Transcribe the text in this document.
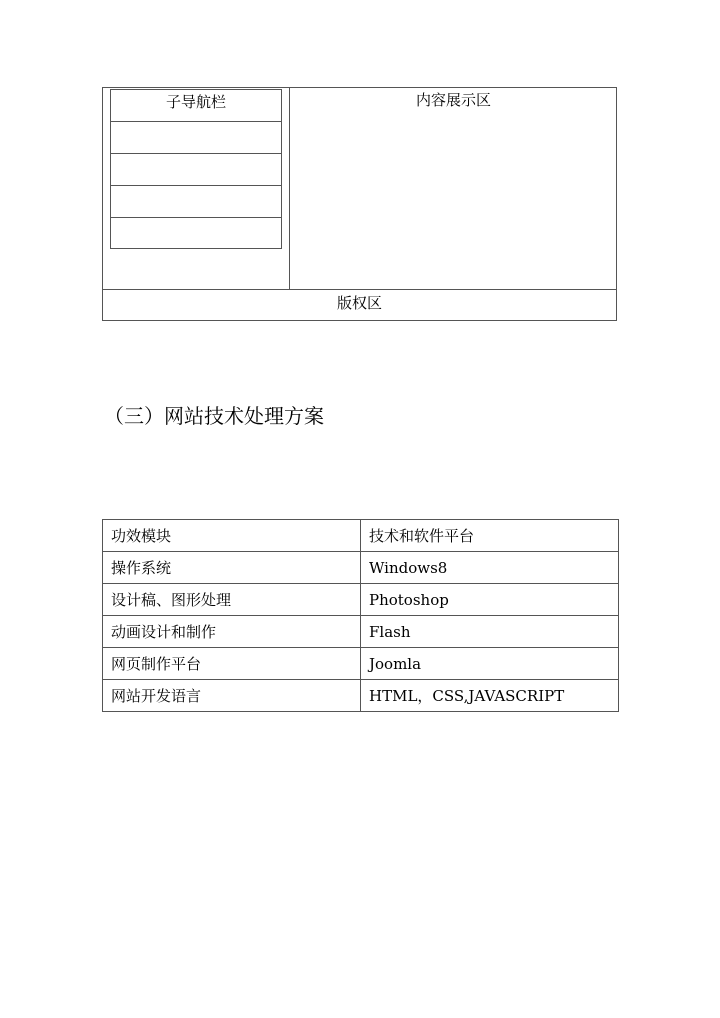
子导航栏	内容展示区
版权区
（三）网站技术处理方案
功效模块	技术和软件平台
操作系统	Windows8
设计稿、图形处理	Photoshop
动画设计和制作	Flash
网页制作平台	Joomla
网站开发语言	HTML，CSS,JAVASCRIPT
